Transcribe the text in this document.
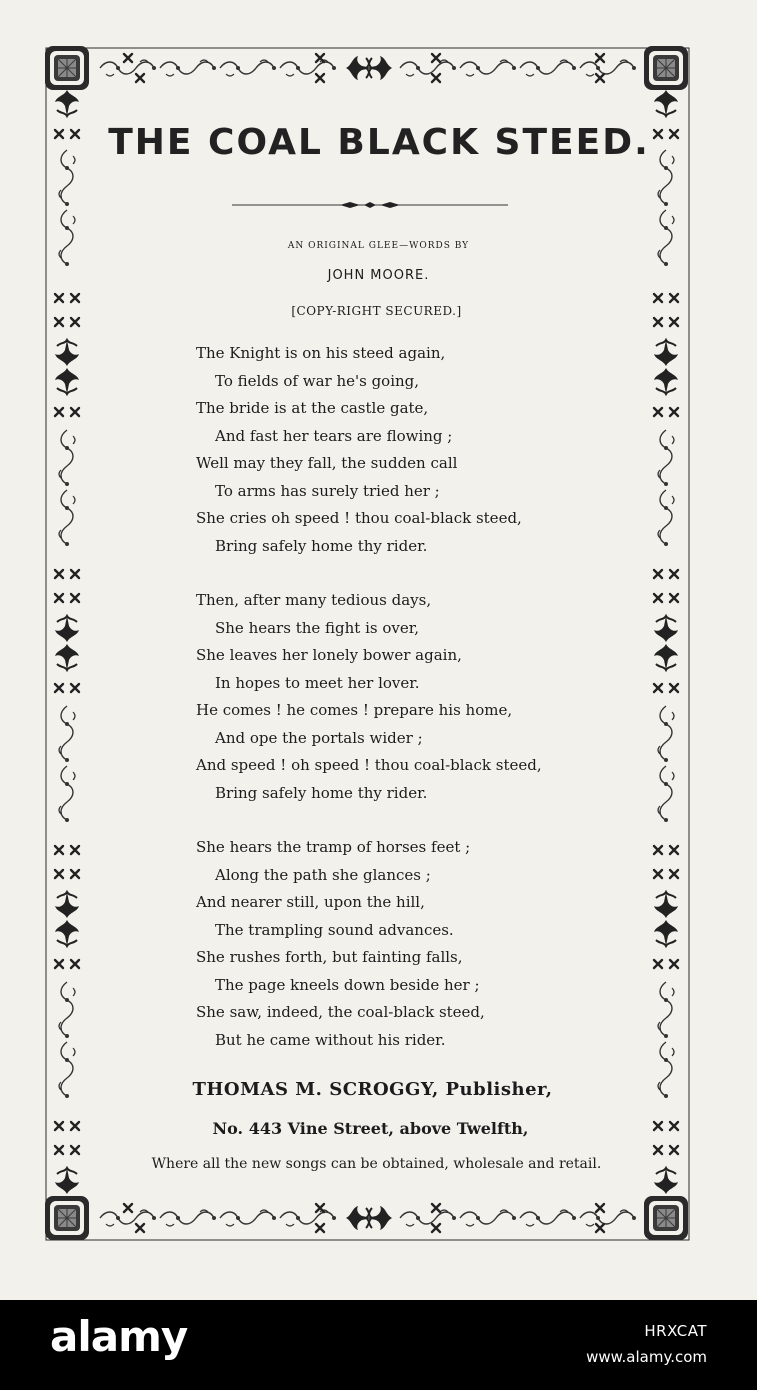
THE COAL BLACK STEED.
AN ORIGINAL GLEE—WORDS BY
JOHN MOORE.
[COPY-RIGHT SECURED.]
The Knight is on his steed again,
To fields of war he's going,
The bride is at the castle gate,
And fast her tears are flowing ;
Well may they fall, the sudden call
To arms has surely tried her ;
She cries oh speed ! thou coal-black steed,
Bring safely home thy rider.
Then, after many tedious days,
She hears the fight is over,
She leaves her lonely bower again,
In hopes to meet her lover.
He comes ! he comes ! prepare his home,
And ope the portals wider ;
And speed ! oh speed ! thou coal-black steed,
Bring safely home thy rider.
She hears the tramp of horses feet ;
Along the path she glances ;
And nearer still, upon the hill,
The trampling sound advances.
She rushes forth, but fainting falls,
The page kneels down beside her ;
She saw, indeed, the coal-black steed,
But he came without his rider.
THOMAS M. SCROGGY, Publisher,
No. 443 Vine Street, above Twelfth,
Where all the new songs can be obtained, wholesale and retail.
alamy	HRXCAT
www.alamy.com
